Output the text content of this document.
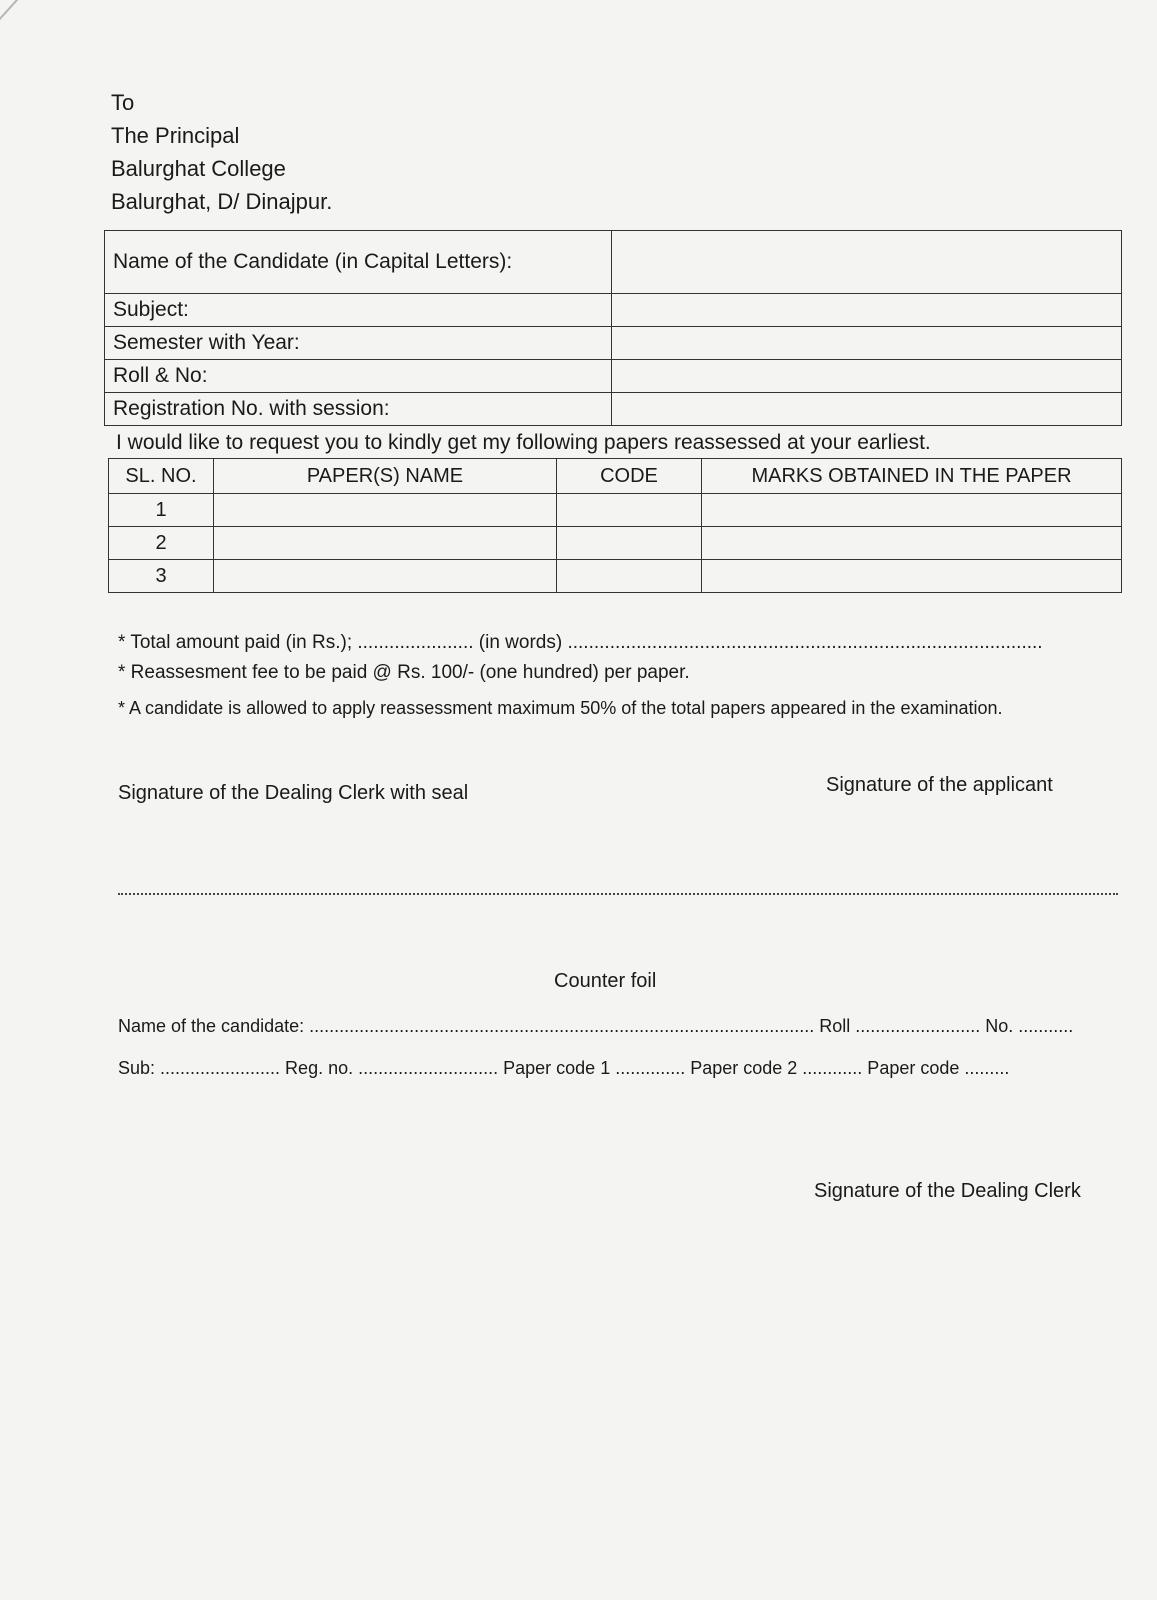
To
The Principal
Balurghat College
Balurghat, D/ Dinajpur.
Name of the Candidate (in Capital Letters):	
Subject:	
Semester with Year:	
Roll & No:	
Registration No. with session:	
I would like to request you to kindly get my following papers reassessed at your earliest.
SL. NO.	PAPER(S) NAME	CODE	MARKS OBTAINED IN THE PAPER
1			
2			
3			
* Total amount paid (in Rs.); ...................... (in words) ..........................................................................................
* Reassesment fee to be paid @ Rs. 100/- (one hundred) per paper.
* A candidate is allowed to apply reassessment maximum 50% of the total papers appeared in the examination.
Signature of the Dealing Clerk with seal	Signature of the applicant
Counter foil
Name of the candidate: ..................................................................................................... Roll ......................... No. ...........
Sub: ........................ Reg. no. ............................ Paper code 1 .............. Paper code 2 ............ Paper code .........
Signature of the Dealing Clerk
